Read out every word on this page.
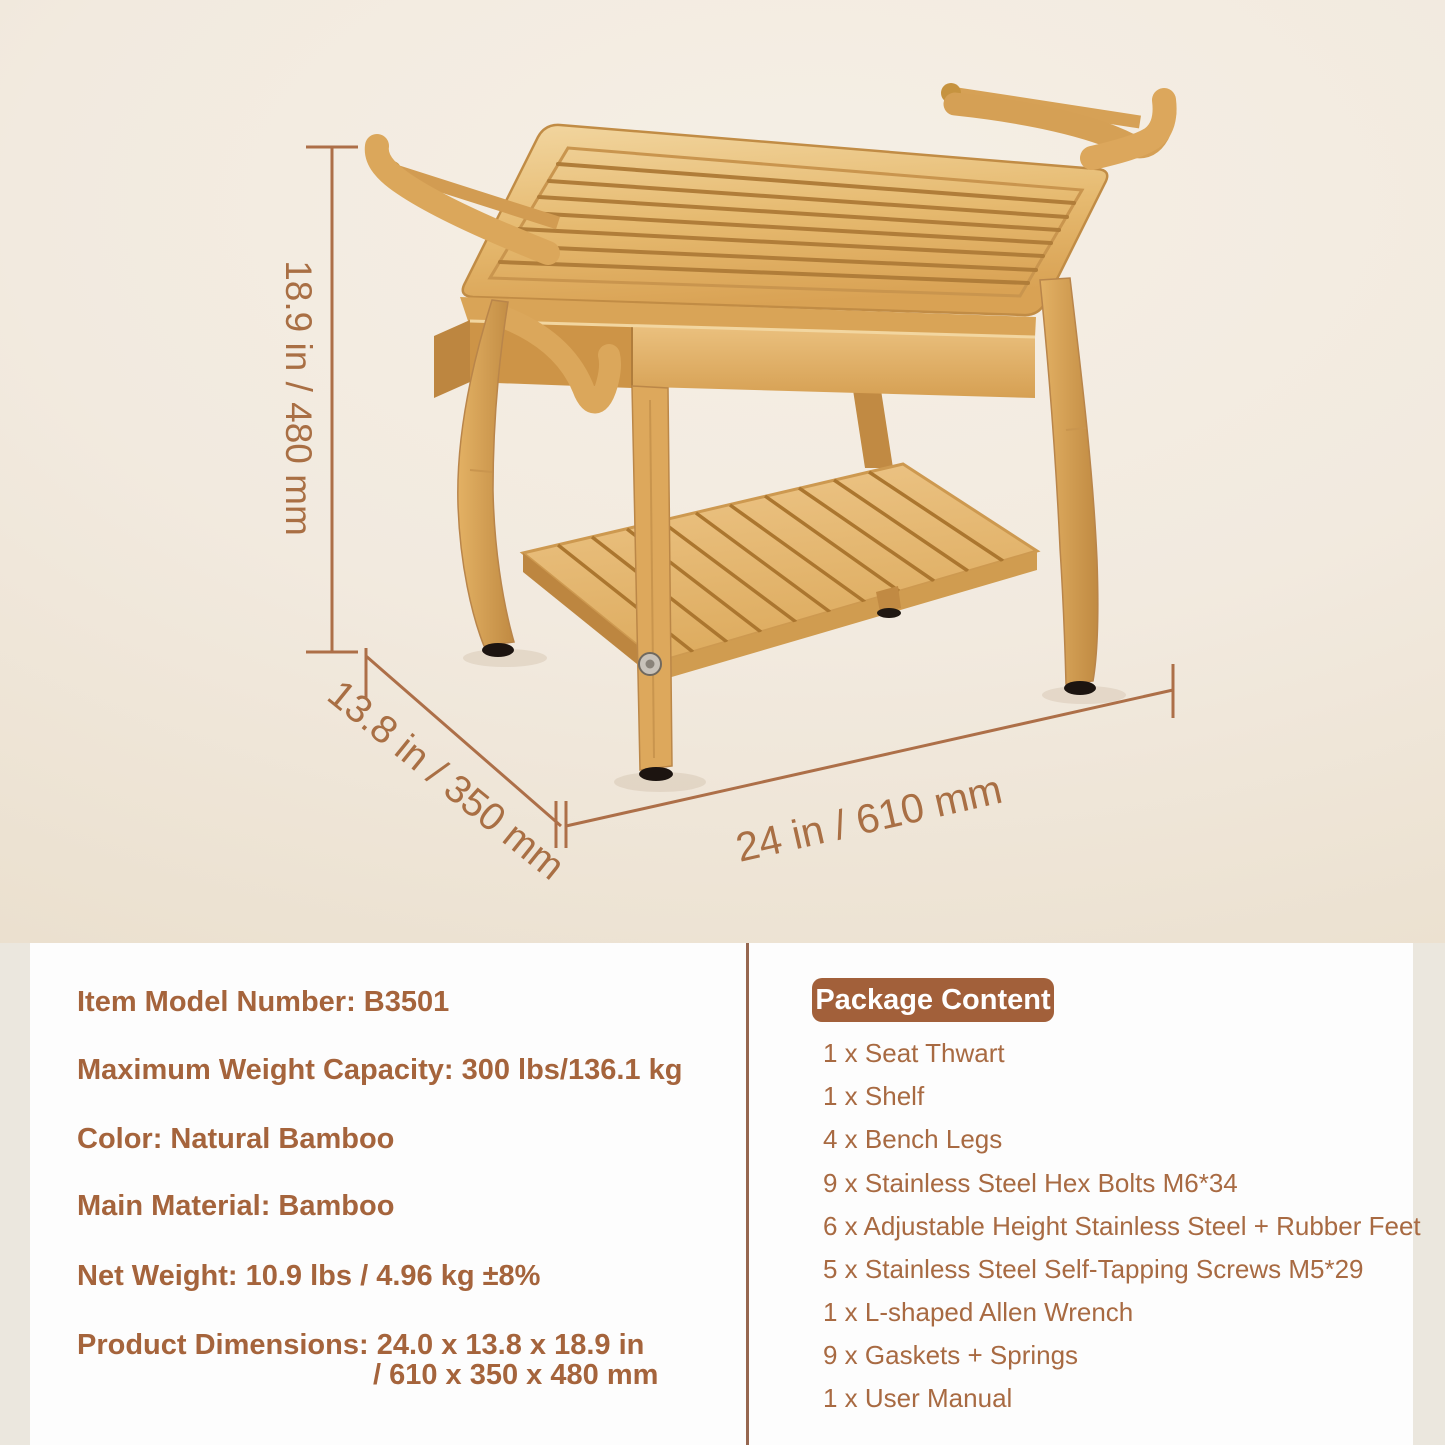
18.9 in / 480 mm
13.8 in / 350 mm	24 in / 610 mm
Item Model Number: B3501
Maximum Weight Capacity: 300 lbs/136.1 kg
Color: Natural Bamboo
Main Material: Bamboo
Net Weight: 10.9 lbs / 4.96 kg ±8%
Product Dimensions: 24.0 x 13.8 x 18.9 in
/ 610 x 350 x 480 mm
Package Content
1 x Seat Thwart
1 x Shelf
4 x Bench Legs
9 x Stainless Steel Hex Bolts M6*34
6 x Adjustable Height Stainless Steel + Rubber Feet
5 x Stainless Steel Self-Tapping Screws M5*29
1 x L-shaped Allen Wrench
9 x Gaskets + Springs
1 x User Manual
